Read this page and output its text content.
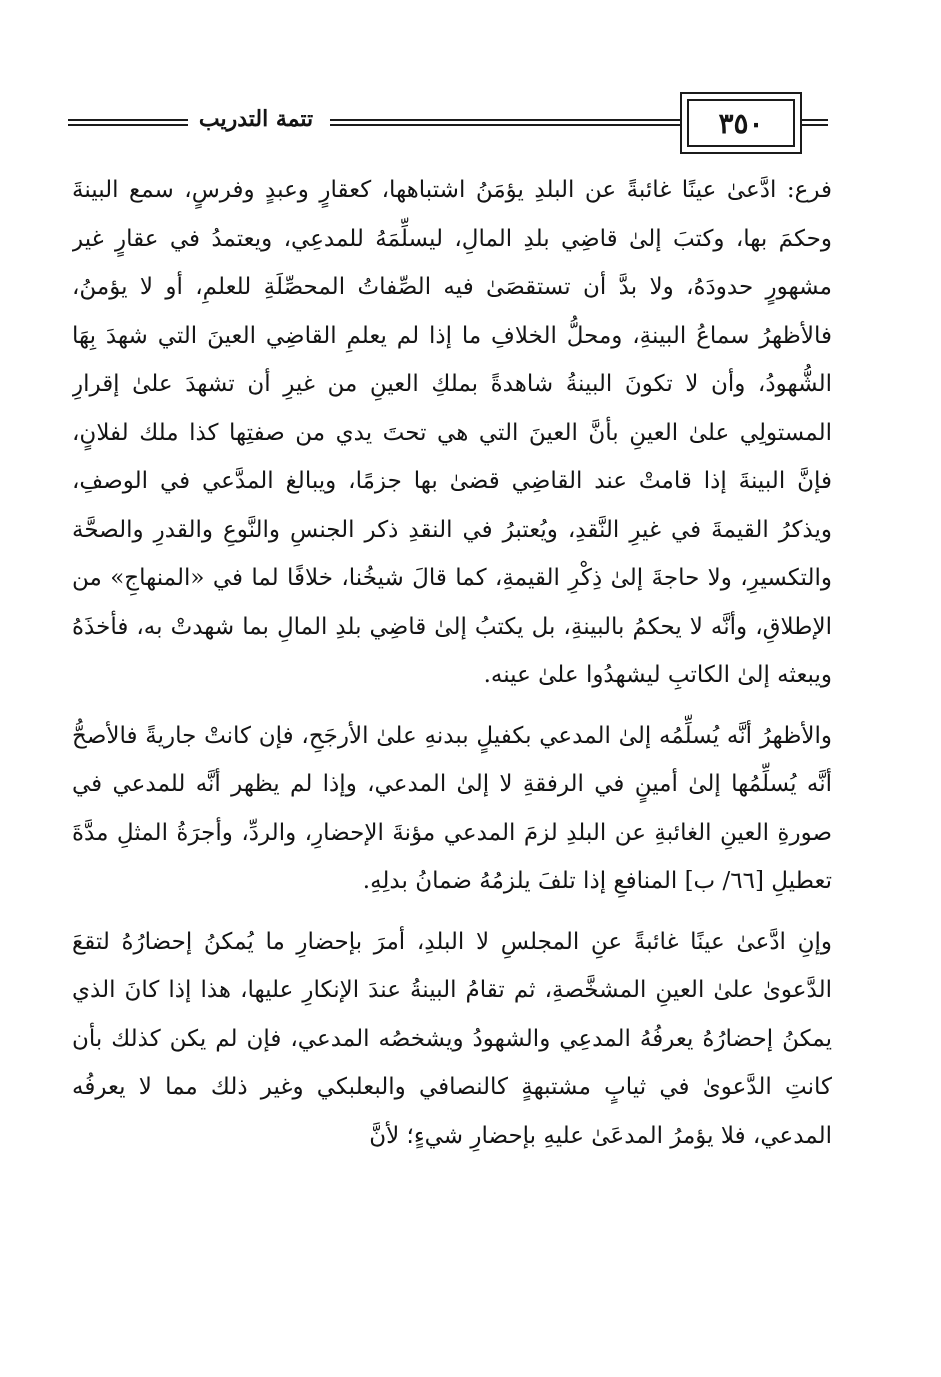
تتمة التدريب	٣٥٠

فرع: ادَّعىٰ عينًا غائبةً عن البلدِ يؤمَنُ اشتباهها، كعقارٍ وعبدٍ وفرسٍ، سمع البينةَ وحكمَ بها، وكتبَ إلىٰ قاضِي بلدِ المالِ، ليسلِّمَهُ للمدعِي، ويعتمدُ في عقارٍ غير مشهورٍ حدودَهُ، ولا بدَّ أن تستقصَىٰ فيه الصِّفاتُ المحصِّلَةِ للعلمِ، أو لا يؤمنُ، فالأظهرُ سماعُ البينةِ، ومحلُّ الخلافِ ما إذا لم يعلمِ القاضِي العينَ التي شهدَ بِهَا الشُّهودُ، وأن لا تكونَ البينةُ شاهدةً بملكِ العينِ من غيرِ أن تشهدَ علىٰ إقرارِ المستولِي علىٰ العينِ بأنَّ العينَ التي هي تحتَ يدي من صفتِها كذا ملك لفلانٍ، فإنَّ البينةَ إذا قامتْ عند القاضِي قضىٰ بها جزمًا، ويبالغ المدَّعي في الوصفِ، ويذكرُ القيمةَ في غيرِ النَّقدِ، ويُعتبرُ في النقدِ ذكر الجنسِ والنَّوعِ والقدرِ والصحَّة والتكسيرِ، ولا حاجةَ إلىٰ ذِكْرِ القيمةِ، كما قالَ شيخُنا، خلافًا لما في «المنهاجِ» من الإطلاقِ، وأنَّه لا يحكمُ بالبينةِ، بل يكتبُ إلىٰ قاضِي بلدِ المالِ بما شهدتْ به، فأخذَهُ ويبعثه إلىٰ الكاتبِ ليشهدُوا علىٰ عينه.

والأظهرُ أنَّه يُسلِّمُه إلىٰ المدعي بكفيلٍ ببدنهِ علىٰ الأرجَحِ، فإن كانتْ جاريةً فالأصحُّ أنَّه يُسلِّمُها إلىٰ أمينٍ في الرفقةِ لا إلىٰ المدعي، وإذا لم يظهر أنَّه للمدعي في صورةِ العينِ الغائبةِ عن البلدِ لزمَ المدعي مؤنةَ الإحضارِ، والردِّ، وأجرَةُ المثلِ مدَّةَ تعطيلِ [٦٦/ ب] المنافعِ إذا تلفَ يلزمُهُ ضمانُ بدلِهِ.

وإنِ ادَّعىٰ عينًا غائبةً عنِ المجلسِ لا البلدِ، أمرَ بإحضارِ ما يُمكنُ إحضارُهُ لتقعَ الدَّعوىٰ علىٰ العينِ المشخَّصةِ، ثم تقامُ البينةُ عندَ الإنكارِ عليها، هذا إذا كانَ الذي يمكنُ إحضارُهُ يعرفُهُ المدعِي والشهودُ ويشخصُه المدعي، فإن لم يكن كذلك بأن كانتِ الدَّعوىٰ في ثيابٍ مشتبهةٍ كالنصافي والبعلبكي وغير ذلك مما لا يعرفُه المدعي، فلا يؤمرُ المدعَىٰ عليهِ بإحضارِ شيءٍ؛ لأنَّ
